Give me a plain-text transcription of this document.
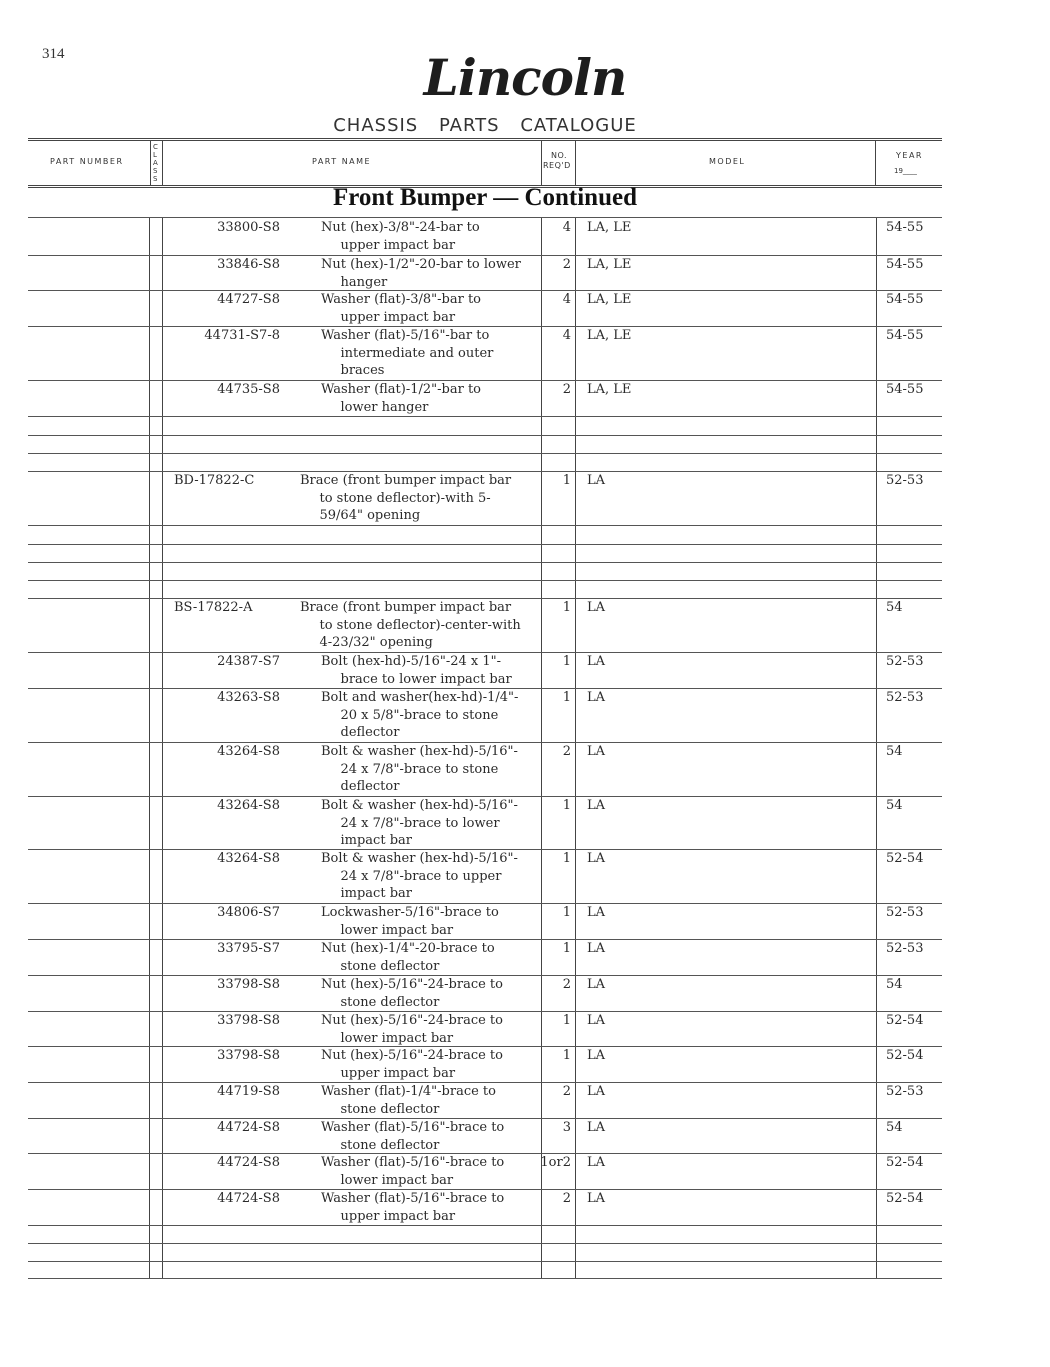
314	Lincoln
CHASSIS PARTS CATALOGUE
PART NUMBER
C L A S S
PART NAME
NO.
REQ'D	MODEL
YEAR
19____
Front Bumper — Continued
33800-S8	Nut (hex)-3/8"-24-bar to
  upper impact bar
4 LA, LE	54-55
33846-S8	Nut (hex)-1/2"-20-bar to lower
  hanger
2 LA, LE	54-55
44727-S8	Washer (flat)-3/8"-bar to
  upper impact bar
4 LA, LE	54-55
44731-S7-8	Washer (flat)-5/16"-bar to
  intermediate and outer
  braces
4 LA, LE	54-55
44735-S8	Washer (flat)-1/2"-bar to
  lower hanger
2 LA, LE	54-55
BD-17822-C	Brace (front bumper impact bar
  to stone deflector)-with 5-
  59/64" opening
1 LA	52-53
BS-17822-A	Brace (front bumper impact bar
  to stone deflector)-center-with
  4-23/32" opening
1 LA	54
24387-S7	Bolt (hex-hd)-5/16"-24 x 1"-
  brace to lower impact bar
1 LA	52-53
43263-S8	Bolt and washer(hex-hd)-1/4"-
  20 x 5/8"-brace to stone
  deflector
1 LA	52-53
43264-S8	Bolt & washer (hex-hd)-5/16"-
  24 x 7/8"-brace to stone
  deflector
2 LA	54
43264-S8	Bolt & washer (hex-hd)-5/16"-
  24 x 7/8"-brace to lower
  impact bar
1 LA	54
43264-S8	Bolt & washer (hex-hd)-5/16"-
  24 x 7/8"-brace to upper
  impact bar
1 LA	52-54
34806-S7	Lockwasher-5/16"-brace to
  lower impact bar
1 LA	52-53
33795-S7	Nut (hex)-1/4"-20-brace to
  stone deflector
1 LA	52-53
33798-S8	Nut (hex)-5/16"-24-brace to
  stone deflector
2 LA	54
33798-S8	Nut (hex)-5/16"-24-brace to
  lower impact bar
1 LA	52-54
33798-S8	Nut (hex)-5/16"-24-brace to
  upper impact bar
1 LA	52-54
44719-S8	Washer (flat)-1/4"-brace to
  stone deflector
2 LA	52-53
44724-S8	Washer (flat)-5/16"-brace to
  stone deflector
3 LA	54
44724-S8	Washer (flat)-5/16"-brace to
  lower impact bar
1or2 LA	52-54
44724-S8	Washer (flat)-5/16"-brace to
  upper impact bar
2 LA	52-54
